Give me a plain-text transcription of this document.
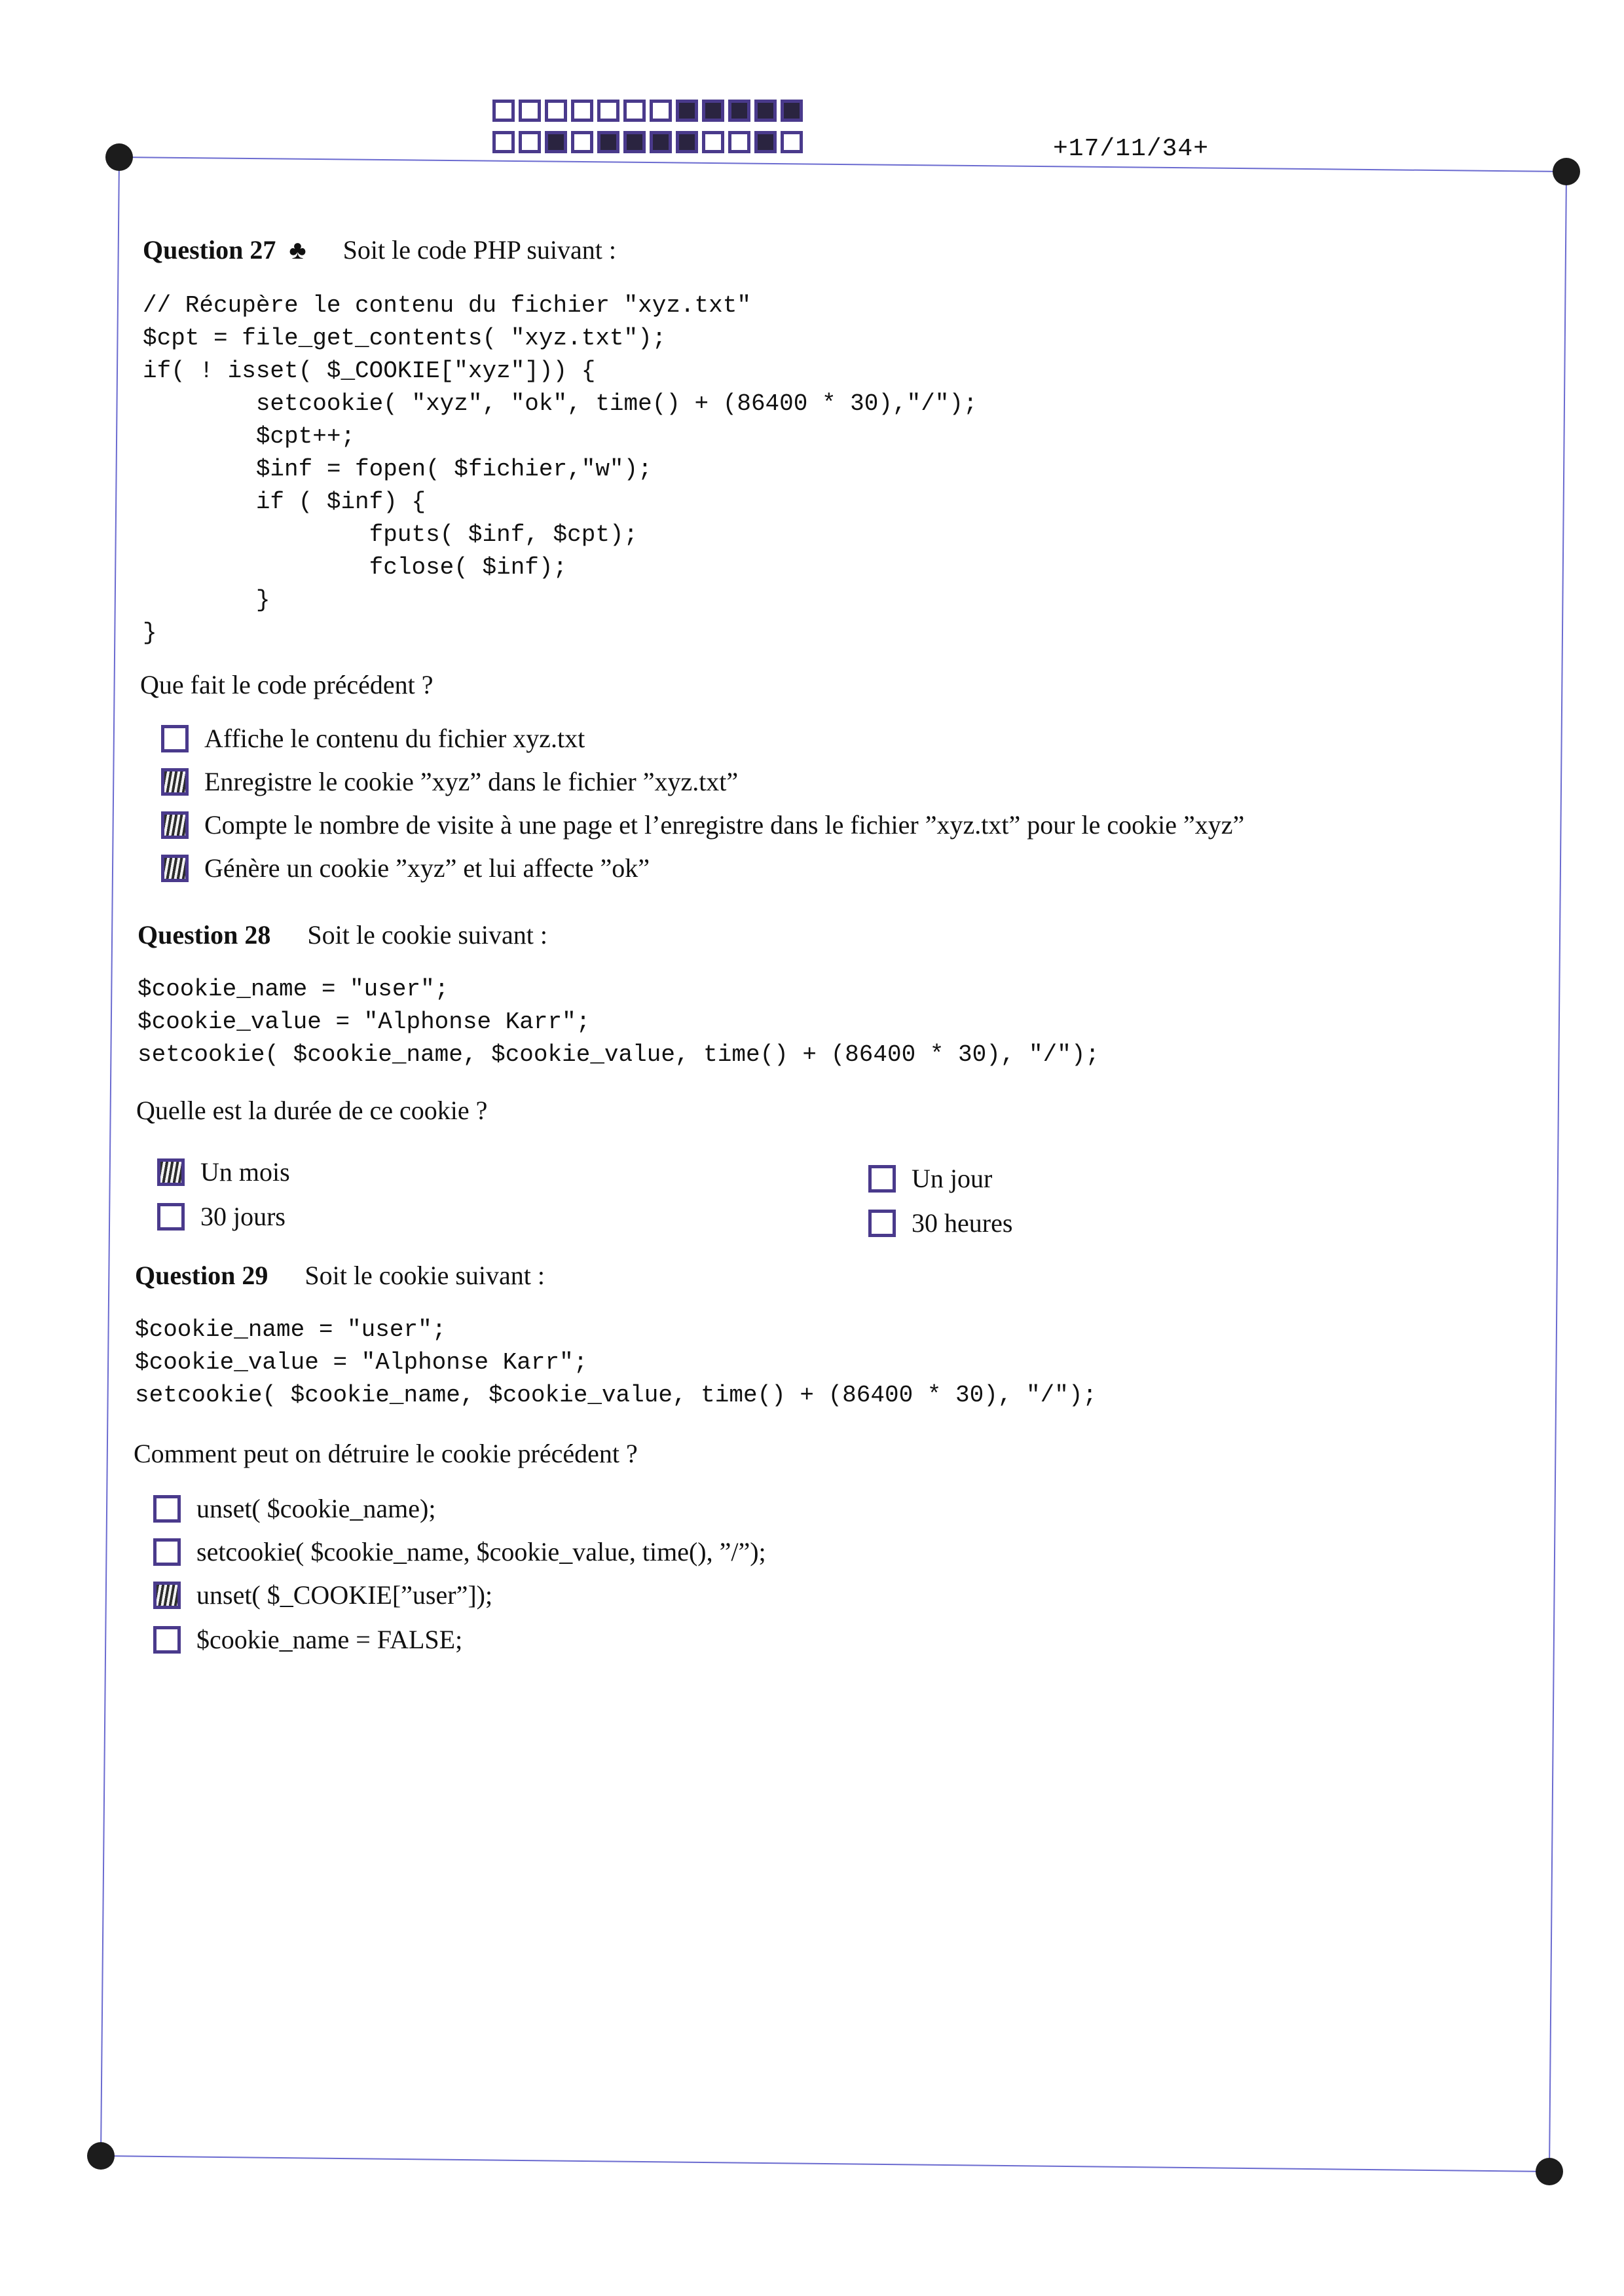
+17/11/34+
Question 27 ♣ Soit le code PHP suivant :
// Récupère le contenu du fichier "xyz.txt"
$cpt = file_get_contents( "xyz.txt");
if( ! isset( $_COOKIE["xyz"])) {
setcookie( "xyz", "ok", time() + (86400 * 30),"/");
$cpt++;
$inf = fopen( $fichier,"w");
if ( $inf) {
fputs( $inf, $cpt);
fclose( $inf);
}
}

Que fait le code précédent ?
Affiche le contenu du fichier xyz.txt
Enregistre le cookie ”xyz” dans le fichier ”xyz.txt”
Compte le nombre de visite à une page et l’enregistre dans le fichier ”xyz.txt” pour le cookie ”xyz”
Génère un cookie ”xyz” et lui affecte ”ok”
Question 28 Soit le cookie suivant :
$cookie_name = "user";
$cookie_value = "Alphonse Karr";
setcookie( $cookie_name, $cookie_value, time() + (86400 * 30), "/");

Quelle est la durée de ce cookie ?
Un mois
30 jours
Un jour
30 heures
Question 29 Soit le cookie suivant :
$cookie_name = "user";
$cookie_value = "Alphonse Karr";
setcookie( $cookie_name, $cookie_value, time() + (86400 * 30), "/");

Comment peut on détruire le cookie précédent ?
unset( $cookie_name);
setcookie( $cookie_name, $cookie_value, time(), ”/”);
unset( $_COOKIE[”user”]);
$cookie_name = FALSE;
